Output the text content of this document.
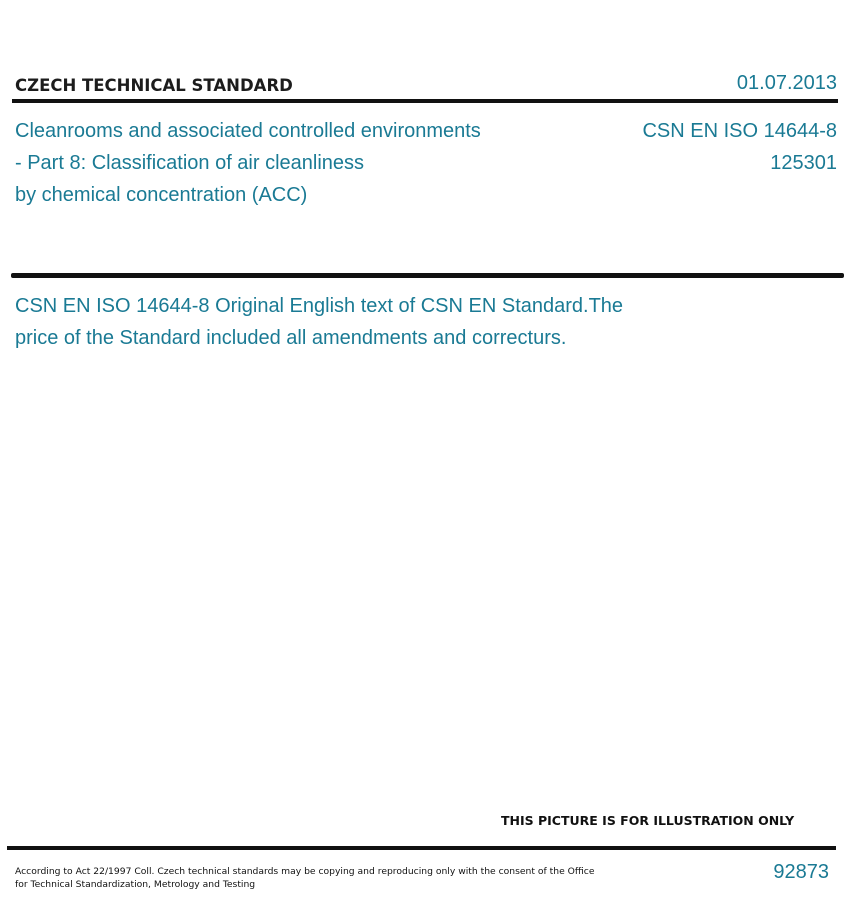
CZECH TECHNICAL STANDARD	01.07.2013
Cleanrooms and associated controlled environments
- Part 8: Classification of air cleanliness
by chemical concentration (ACC)
CSN EN ISO 14644-8
125301
CSN EN ISO 14644-8 Original English text of CSN EN Standard.The
price of the Standard included all amendments and correcturs.
THIS PICTURE IS FOR ILLUSTRATION ONLY
According to Act 22/1997 Coll. Czech technical standards may be copying and reproducing only with the consent of the Office
for Technical Standardization, Metrology and Testing
92873
